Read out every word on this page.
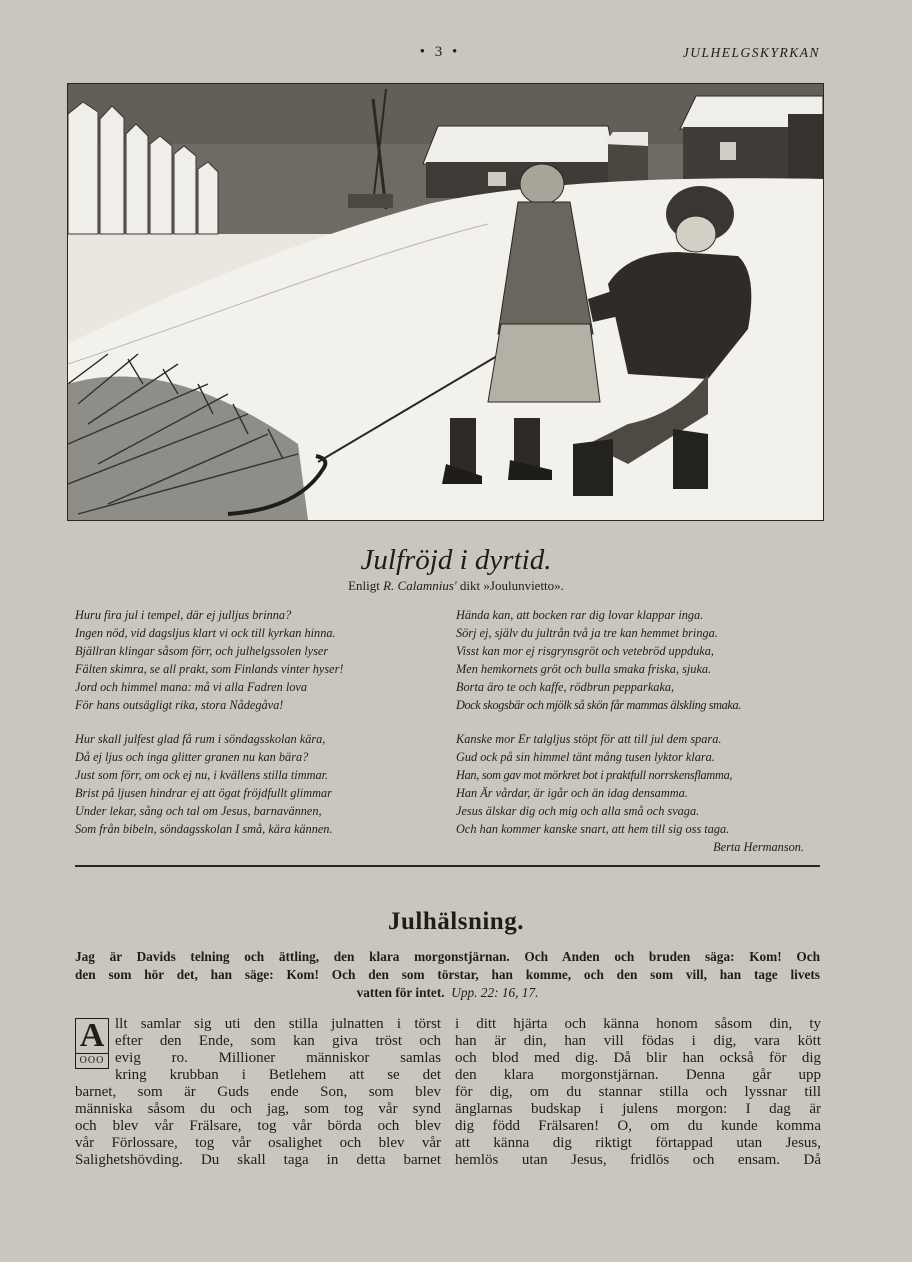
• 3 •	JULHELGSKYRKAN
Julfröjd i dyrtid.
Enligt R. Calamnius' dikt »Joulunvietto».
Huru fira jul i tempel, där ej julljus brinna?
Ingen nöd, vid dagsljus klart vi ock till kyrkan hinna.
Bjällran klingar såsom förr, och julhelgssolen lyser
Fälten skimra, se all prakt, som Finlands vinter hyser!
Jord och himmel mana: må vi alla Fadren lova
För hans outsägligt rika, stora Nådegåva!
Hur skall julfest glad få rum i söndagsskolan kära,
Då ej ljus och inga glitter granen nu kan bära?
Just som förr, om ock ej nu, i kvällens stilla timmar.
Brist på ljusen hindrar ej att ögat fröjdfullt glimmar
Under lekar, sång och tal om Jesus, barnavännen,
Som från bibeln, söndagsskolan I små, kära kännen.
Hända kan, att bocken rar dig lovar klappar inga.
Sörj ej, själv du jultrån två ja tre kan hemmet bringa.
Visst kan mor ej risgrynsgröt och vetebröd uppduka,
Men hemkornets gröt och bulla smaka friska, sjuka.
Borta äro te och kaffe, rödbrun pepparkaka,
Dock skogsbär och mjölk så skön får mammas älskling smaka.
Kanske mor Er talgljus stöpt för att till jul dem spara.
Gud ock på sin himmel tänt mång tusen lyktor klara.
Han, som gav mot mörkret bot i praktfull norrskensflamma,
Han Är vårdar, är igår och än idag densamma.
Jesus älskar dig och mig och alla små och svaga.
Och han kommer kanske snart, att hem till sig oss taga.
Berta Hermanson.
Julhälsning.
Jag är Davids telning och ättling, den klara morgonstjärnan. Och Anden och bruden säga: Kom! Och
den som hör det, han säge: Kom! Och den som törstar, han komme, och den som vill, han tage livets
vatten för intet. Upp. 22: 16, 17.
A
OOO
llt samlar sig uti den stilla julnatten i törst
efter den Ende, som kan giva tröst och
evig ro. Millioner människor samlas
kring krubban i Betlehem att se det
barnet, som är Guds ende Son, som blev
människa såsom du och jag, som tog vår synd
och blev vår Frälsare, tog vår börda och blev
vår Förlossare, tog vår osalighet och blev vår
Salighetshövding. Du skall taga in detta barnet
i ditt hjärta och känna honom såsom din, ty
han är din, han vill födas i dig, vara kött
och blod med dig. Då blir han också för dig
den klara morgonstjärnan. Denna går upp
för dig, om du stannar stilla och lyssnar till
änglarnas budskap i julens morgon: I dag är
dig född Frälsaren! O, om du kunde komma
att känna dig riktigt förtappad utan Jesus,
hemlös utan Jesus, fridlös och ensam. Då
